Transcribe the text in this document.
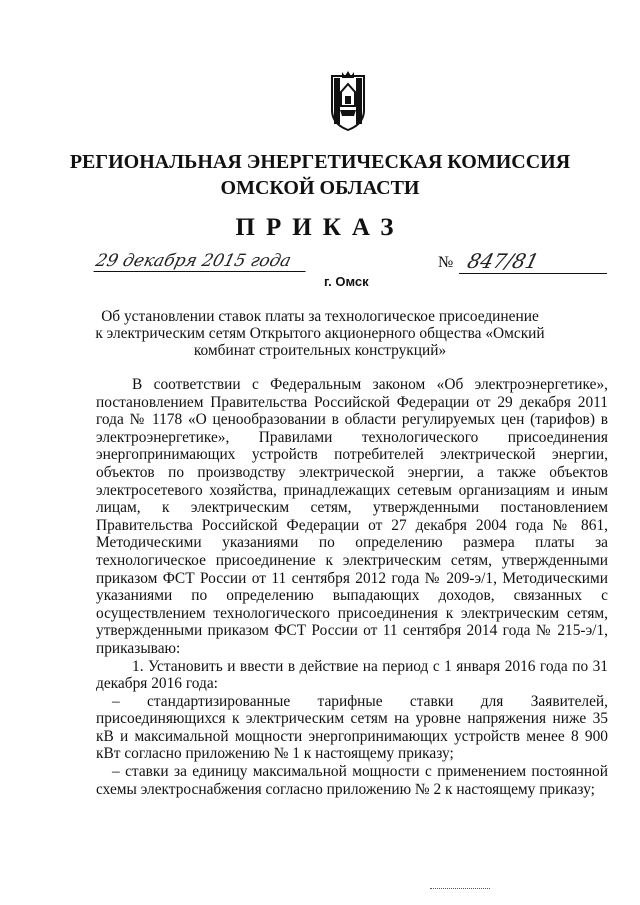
РЕГИОНАЛЬНАЯ ЭНЕРГЕТИЧЕСКАЯ КОМИССИЯ
ОМСКОЙ ОБЛАСТИ
ПРИКАЗ
29 декабря 2015 года
г. Омск
№ 847/81
Об установлении ставок платы за технологическое присоединение
к электрическим сетям Открытого акционерного общества «Омский
комбинат строительных конструкций»

В соответствии с Федеральным законом «Об электроэнергетике», постановлением Правительства Российской Федерации от 29 декабря 2011 года № 1178 «О ценообразовании в области регулируемых цен (тарифов) в электроэнергетике», Правилами технологического присоединения энергопринимающих устройств потребителей электрической энергии, объектов по производству электрической энергии, а также объектов электросетевого хозяйства, принадлежащих сетевым организациям и иным лицам, к электрическим сетям, утвержденными постановлением Правительства Российской Федерации от 27 декабря 2004 года № 861, Методическими указаниями по определению размера платы за технологическое присоединение к электрическим сетям, утвержденными приказом ФСТ России от 11 сентября 2012 года № 209-э/1, Методическими указаниями по определению выпадающих доходов, связанных с осуществлением технологического присоединения к электрическим сетям, утвержденными приказом ФСТ России от 11 сентября 2014 года № 215-э/1, приказываю:

1. Установить и ввести в действие на период с 1 января 2016 года по 31 декабря 2016 года:

– стандартизированные тарифные ставки для Заявителей, присоединяющихся к электрическим сетям на уровне напряжения ниже 35 кВ и максимальной мощности энергопринимающих устройств менее 8 900 кВт согласно приложению № 1 к настоящему приказу;

– ставки за единицу максимальной мощности с применением постоянной схемы электроснабжения согласно приложению № 2 к настоящему приказу;
